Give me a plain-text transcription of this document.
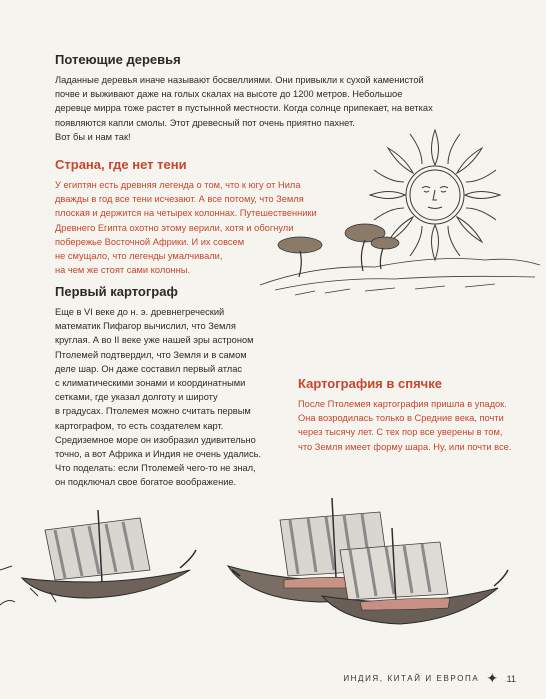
Потеющие деревья
Ладанные деревья иначе называют босвеллиями. Они привыкли к сухой каменистой
почве и выживают даже на голых скалах на высоте до 1200 метров. Небольшое
деревце мирра тоже растет в пустынной местности. Когда солнце припекает, на ветках
появляются капли смолы. Этот древесный пот очень приятно пахнет.
Вот бы и нам так!
Страна, где нет тени
У египтян есть древняя легенда о том, что к югу от Нила
дважды в год все тени исчезают. А все потому, что Земля
плоская и держится на четырех колоннах. Путешественники
Древнего Египта охотно этому верили, хотя и обогнули
побережье Восточной Африки. И их совсем
не смущало, что легенды умалчивали,
на чем же стоят сами колонны.
Первый картограф
Еще в VI веке до н. э. древнегреческий
математик Пифагор вычислил, что Земля
круглая. А во II веке уже нашей эры астроном
Птолемей подтвердил, что Земля и в самом
деле шар. Он даже составил первый атлас
с климатическими зонами и координатными
сетками, где указал долготу и широту
в градусах. Птолемея можно считать первым
картографом, то есть создателем карт.
Средиземное море он изобразил удивительно
точно, а вот Африка и Индия не очень удались.
Что поделать: если Птолемей чего-то не знал,
он подключал свое богатое воображение.
Картография в спячке
После Птолемея картография пришла в упадок.
Она возродилась только в Средние века, почти
через тысячу лет. С тех пор все уверены в том,
что Земля имеет форму шара. Ну, или почти все.
ИНДИЯ, КИТАЙ И ЕВРОПА ✦ 11
